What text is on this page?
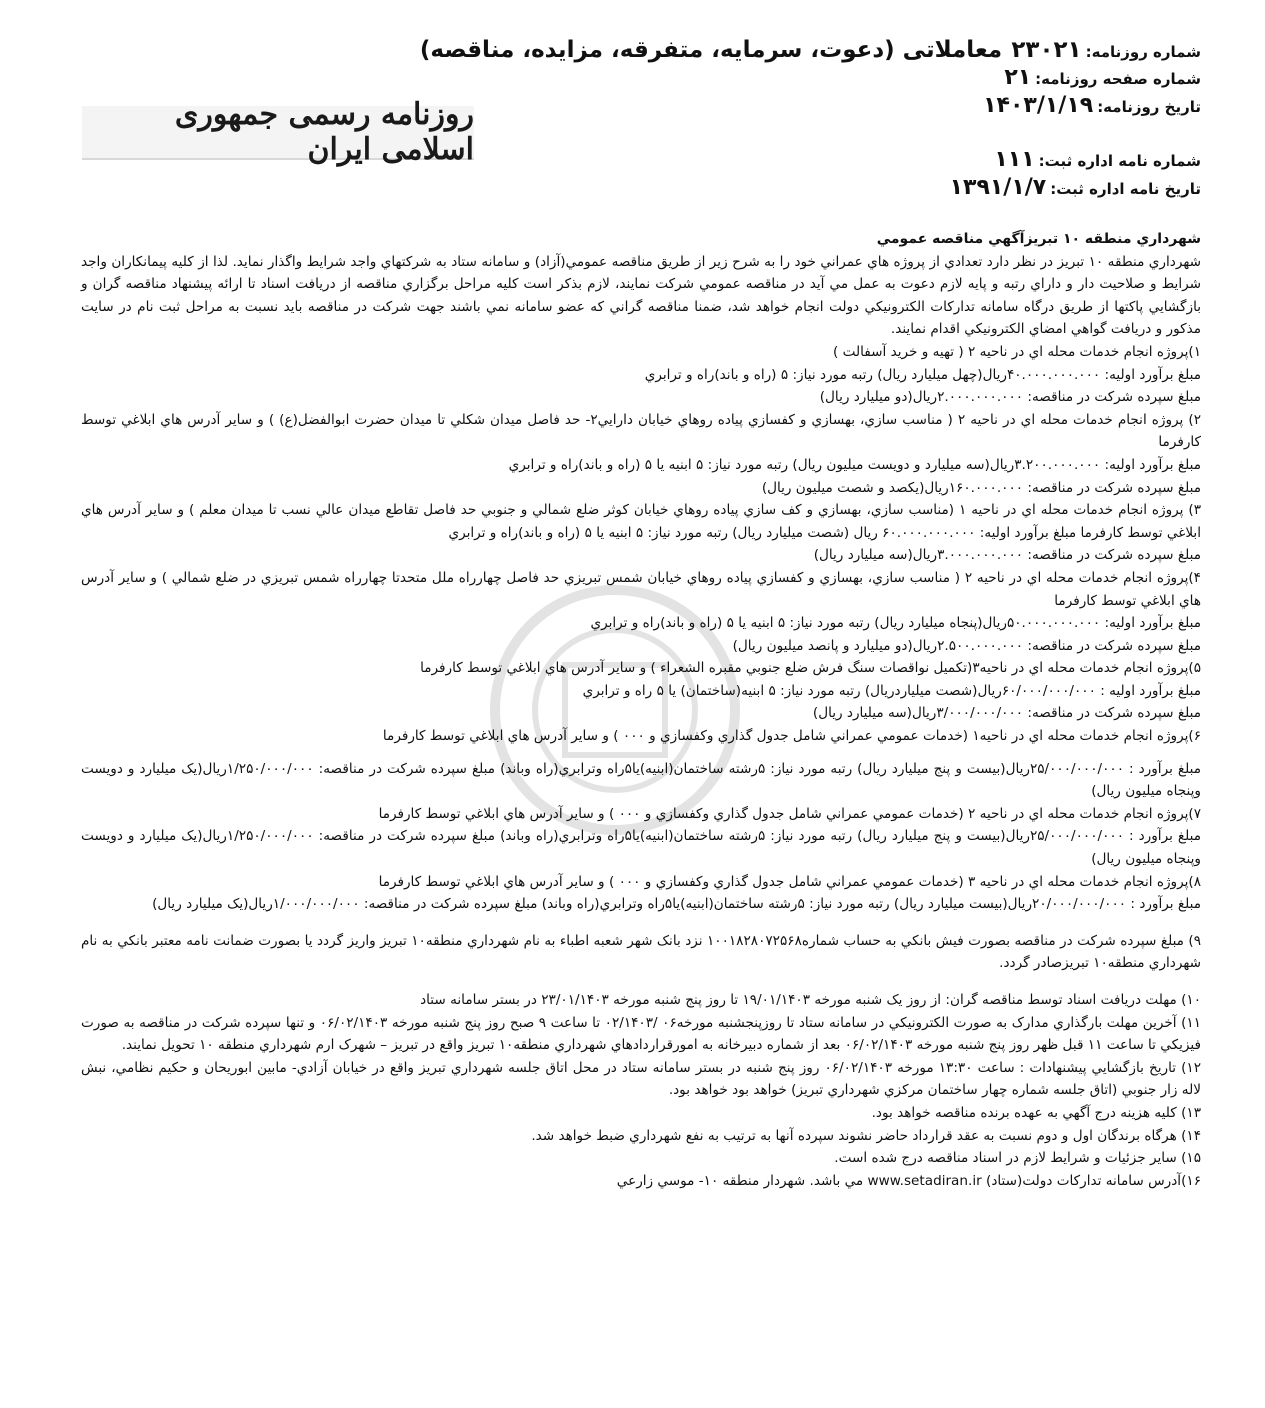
شماره روزنامه:۲۳۰۲۱ معاملاتی (دعوت، سرمایه، متفرقه، مزایده، مناقصه)
شماره صفحه روزنامه:۲۱
تاریخ روزنامه:۱۴۰۳/۱/۱۹
شماره نامه اداره ثبت:۱۱۱
تاریخ نامه اداره ثبت:۱۳۹۱/۱/۷
روزنامه رسمی جمهوری اسلامی ایران

شهرداري منطقه ۱۰ تبريزآگهي مناقصه عمومي

شهرداري منطقه ۱۰ تبريز در نظر دارد تعدادي از پروژه هاي عمراني خود را به شرح زير از طريق مناقصه عمومي(آزاد) و سامانه ستاد به شركتهاي واجد شرايط واگذار نمايد. لذا از كليه پيمانكاران واجد شرايط و صلاحيت دار و داراي رتبه و پايه لازم دعوت به عمل مي آيد در مناقصه عمومي شركت نمايند، لازم بذكر است كليه مراحل برگزاري مناقصه از دريافت اسناد تا ارائه پيشنهاد مناقصه گران و بازگشايي پاكتها از طريق درگاه سامانه تداركات الكترونيكي دولت انجام خواهد شد، ضمنا مناقصه گراني كه عضو سامانه نمي باشند جهت شركت در مناقصه بايد نسبت به مراحل ثبت نام در سايت مذكور و دريافت گواهي امضاي الكترونيكي اقدام نمايند.

۱)پروژه انجام خدمات محله اي در ناحيه ۲ ( تهيه و خريد آسفالت )

مبلغ برآورد اوليه: ۴۰.۰۰۰.۰۰۰.۰۰۰ريال(چهل ميليارد ريال) رتبه مورد نياز: ۵ (راه و باند)راه و ترابري

مبلغ سپرده شركت در مناقصه: ۲.۰۰۰.۰۰۰.۰۰۰ريال(دو ميليارد ريال)

۲) پروژه انجام خدمات محله اي در ناحيه ۲ ( مناسب سازي، بهسازي و كفسازي پياده روهاي خيابان دارايي۲- حد فاصل ميدان شكلي تا ميدان حضرت ابوالفضل(ع) ) و ساير آدرس هاي ابلاغي توسط كارفرما

مبلغ برآورد اوليه: ۳.۲۰۰.۰۰۰.۰۰۰ريال(سه ميليارد و دويست ميليون ريال) رتبه مورد نياز: ۵ ابنيه يا ۵ (راه و باند)راه و ترابري

مبلغ سپرده شركت در مناقصه: ۱۶۰.۰۰۰.۰۰۰ريال(يكصد و شصت ميليون ريال)

۳) پروژه انجام خدمات محله اي در ناحيه ۱ (مناسب سازي، بهسازي و كف سازي پياده روهاي خيابان كوثر ضلع شمالي و جنوبي حد فاصل تقاطع ميدان عالي نسب تا ميدان معلم ) و ساير آدرس هاي ابلاغي توسط كارفرما مبلغ برآورد اوليه: ۶۰.۰۰۰.۰۰۰.۰۰۰ ريال (شصت ميليارد ريال) رتبه مورد نياز: ۵ ابنيه يا ۵ (راه و باند)راه و ترابري

مبلغ سپرده شركت در مناقصه: ۳.۰۰۰.۰۰۰.۰۰۰ريال(سه ميليارد ريال)

۴)پروژه انجام خدمات محله اي در ناحيه ۲ ( مناسب سازي، بهسازي و كفسازي پياده روهاي خيابان شمس تبريزي حد فاصل چهارراه ملل متحدتا چهارراه شمس تبريزي در ضلع شمالي ) و ساير آدرس هاي ابلاغي توسط كارفرما

مبلغ برآورد اوليه: ۵۰.۰۰۰.۰۰۰.۰۰۰ريال(پنجاه ميليارد ريال) رتبه مورد نياز: ۵ ابنيه يا ۵ (راه و باند)راه و ترابري

مبلغ سپرده شركت در مناقصه: ۲.۵۰۰.۰۰۰.۰۰۰ريال(دو ميليارد و پانصد ميليون ريال)

۵)پروژه انجام خدمات محله اي در ناحيه۳(تكميل نواقصات سنگ فرش ضلع جنوبي مقبره الشعراء ) و ساير آدرس هاي ابلاغي توسط كارفرما

مبلغ برآورد اوليه : ۶۰/۰۰۰/۰۰۰/۰۰۰ريال(شصت ميلياردريال) رتبه مورد نياز: ۵ ابنيه(ساختمان) يا ۵ راه و ترابري

مبلغ سپرده شركت در مناقصه: ۳/۰۰۰/۰۰۰/۰۰۰ريال(سه ميليارد ريال)

۶)پروژه انجام خدمات محله اي در ناحيه۱ (خدمات عمومي عمراني شامل جدول گذاري وكفسازي و ۰۰۰ ) و ساير آدرس هاي ابلاغي توسط كارفرما

مبلغ برآورد : ۲۵/۰۰۰/۰۰۰/۰۰۰ريال(بيست و پنج ميليارد ريال) رتبه مورد نياز: ۵رشته ساختمان(ابنيه)يا۵راه وترابري(راه وباند) مبلغ سپرده شركت در مناقصه: ۱/۲۵۰/۰۰۰/۰۰۰ريال(يک ميليارد و دويست وپنجاه ميليون ريال)

۷)پروژه انجام خدمات محله اي در ناحيه ۲ (خدمات عمومي عمراني شامل جدول گذاري وكفسازي و ۰۰۰ ) و ساير آدرس هاي ابلاغي توسط كارفرما

مبلغ برآورد : ۲۵/۰۰۰/۰۰۰/۰۰۰ريال(بيست و پنج ميليارد ريال) رتبه مورد نياز: ۵رشته ساختمان(ابنيه)يا۵راه وترابري(راه وباند) مبلغ سپرده شركت در مناقصه: ۱/۲۵۰/۰۰۰/۰۰۰ريال(يک ميليارد و دويست وپنجاه ميليون ريال)

۸)پروژه انجام خدمات محله اي در ناحيه ۳ (خدمات عمومي عمراني شامل جدول گذاري وكفسازي و ۰۰۰ ) و ساير آدرس هاي ابلاغي توسط كارفرما

مبلغ برآورد : ۲۰/۰۰۰/۰۰۰/۰۰۰ريال(بيست ميليارد ريال) رتبه مورد نياز: ۵رشته ساختمان(ابنيه)يا۵راه وترابري(راه وباند) مبلغ سپرده شركت در مناقصه: ۱/۰۰۰/۰۰۰/۰۰۰ريال(يک ميليارد ريال)

۹) مبلغ سپرده شركت در مناقصه بصورت فيش بانكي به حساب شماره۱۰۰۱۸۲۸۰۷۲۵۶۸ نزد بانک شهر شعبه اطباء به نام شهرداري منطقه۱۰ تبريز واريز گردد يا بصورت ضمانت نامه معتبر بانكي به نام شهرداري منطقه۱۰ تبريزصادر گردد.

۱۰) مهلت دريافت اسناد توسط مناقصه گران: از روز يک شنبه مورخه ۱۹/۰۱/۱۴۰۳ تا روز پنج شنبه مورخه ۲۳/۰۱/۱۴۰۳ در بستر سامانه ستاد

۱۱) آخرين مهلت بارگذاري مدارک به صورت الكترونيكي در سامانه ستاد تا روزپنجشنبه مورخه۰۶ /۰۲/۱۴۰۳ تا ساعت ۹ صبح روز پنج شنبه مورخه ۰۶/۰۲/۱۴۰۳ و تنها سپرده شركت در مناقصه به صورت فيزيكي تا ساعت ۱۱ قبل ظهر روز پنج شنبه مورخه ۰۶/۰۲/۱۴۰۳ بعد از شماره دبيرخانه به امورقراردادهاي شهرداري منطقه۱۰ تبريز واقع در تبريز – شهرک ارم شهرداري منطقه ۱۰ تحويل نمايند.

۱۲) تاريخ بازگشايي پيشنهادات : ساعت ۱۳:۳۰ مورخه ۰۶/۰۲/۱۴۰۳ روز پنج شنبه در بستر سامانه ستاد در محل اتاق جلسه شهرداري تبريز واقع در خيابان آزادي- مابين ابوريحان و حكيم نظامي، نبش لاله زار جنوبي (اتاق جلسه شماره چهار ساختمان مركزي شهرداري تبريز) خواهد بود خواهد بود.

۱۳) كليه هزينه درج آگهي به عهده برنده مناقصه خواهد بود.

۱۴) هرگاه برندگان اول و دوم نسبت به عقد قرارداد حاضر نشوند سپرده آنها به ترتيب به نفع شهرداري ضبط خواهد شد.

۱۵) ساير جزئيات و شرايط لازم در اسناد مناقصه درج شده است.

۱۶)آدرس سامانه تداركات دولت(ستاد) www.setadiran.ir مي باشد. شهردار منطقه ۱۰- موسي زارعي
